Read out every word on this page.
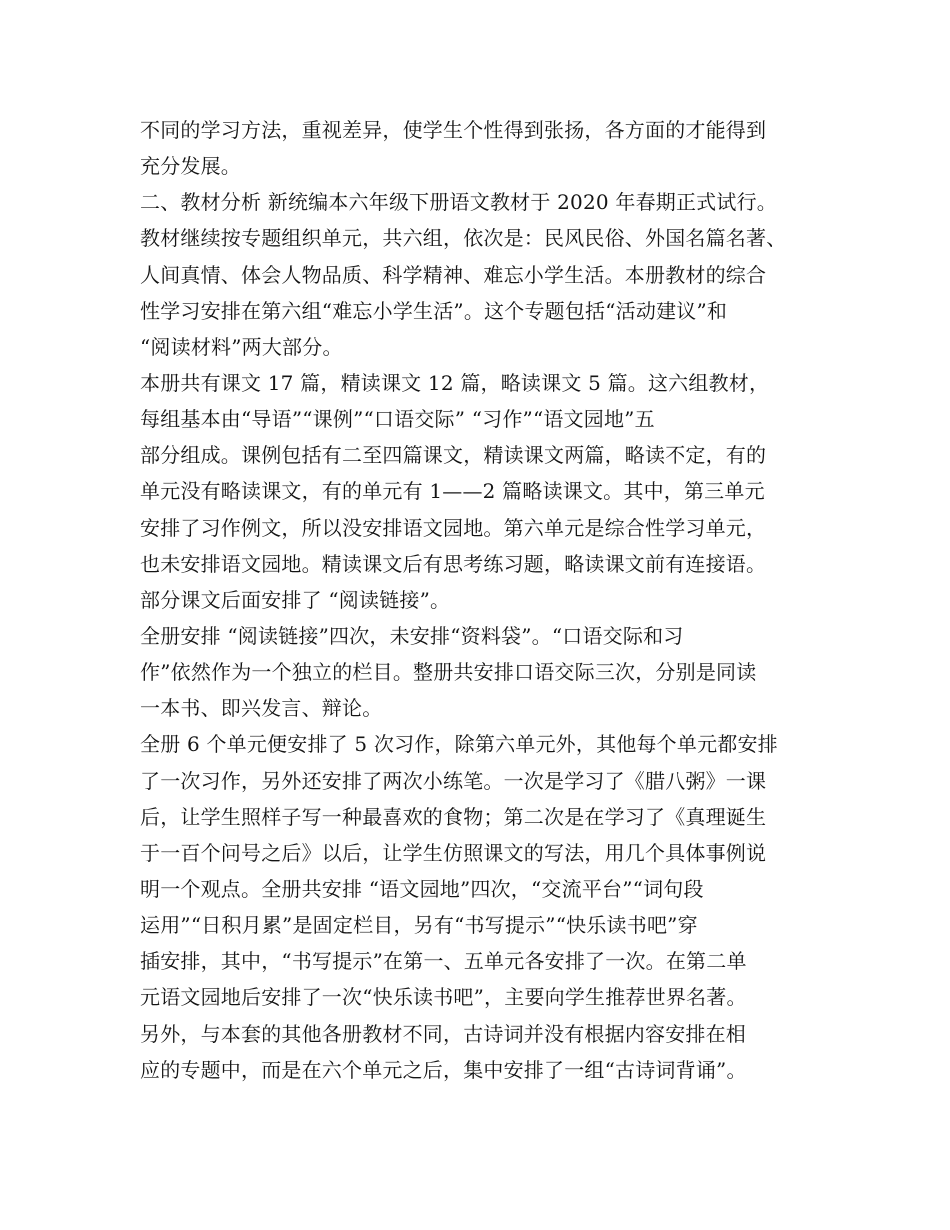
不同的学习方法，重视差异，使学生个性得到张扬，各方面的才能得到
充分发展。
二、教材分析 新统编本六年级下册语文教材于 2020 年春期正式试行。
教材继续按专题组织单元，共六组，依次是：民风民俗、外国名篇名著、
人间真情、体会人物品质、科学精神、难忘小学生活。本册教材的综合
性学习安排在第六组“难忘小学生活”。这个专题包括“活动建议”和
“阅读材料”两大部分。
本册共有课文 17 篇，精读课文 12 篇，略读课文 5 篇。这六组教材，
每组基本由“导语”“课例”“口语交际” “习作”“语文园地”五
部分组成。课例包括有二至四篇课文，精读课文两篇，略读不定，有的
单元没有略读课文，有的单元有 1——2 篇略读课文。其中，第三单元
安排了习作例文，所以没安排语文园地。第六单元是综合性学习单元，
也未安排语文园地。精读课文后有思考练习题，略读课文前有连接语。
部分课文后面安排了 “阅读链接”。
全册安排 “阅读链接”四次，未安排“资料袋”。“口语交际和习
作”依然作为一个独立的栏目。整册共安排口语交际三次，分别是同读
一本书、即兴发言、辩论。
全册 6 个单元便安排了 5 次习作，除第六单元外，其他每个单元都安排
了一次习作，另外还安排了两次小练笔。一次是学习了《腊八粥》一课
后，让学生照样子写一种最喜欢的食物；第二次是在学习了《真理诞生
于一百个问号之后》以后，让学生仿照课文的写法，用几个具体事例说
明一个观点。全册共安排 “语文园地”四次，“交流平台”“词句段
运用”“日积月累”是固定栏目，另有“书写提示”“快乐读书吧”穿
插安排，其中，“书写提示”在第一、五单元各安排了一次。在第二单
元语文园地后安排了一次“快乐读书吧”，主要向学生推荐世界名著。
另外，与本套的其他各册教材不同，古诗词并没有根据内容安排在相
应的专题中，而是在六个单元之后，集中安排了一组“古诗词背诵”。
